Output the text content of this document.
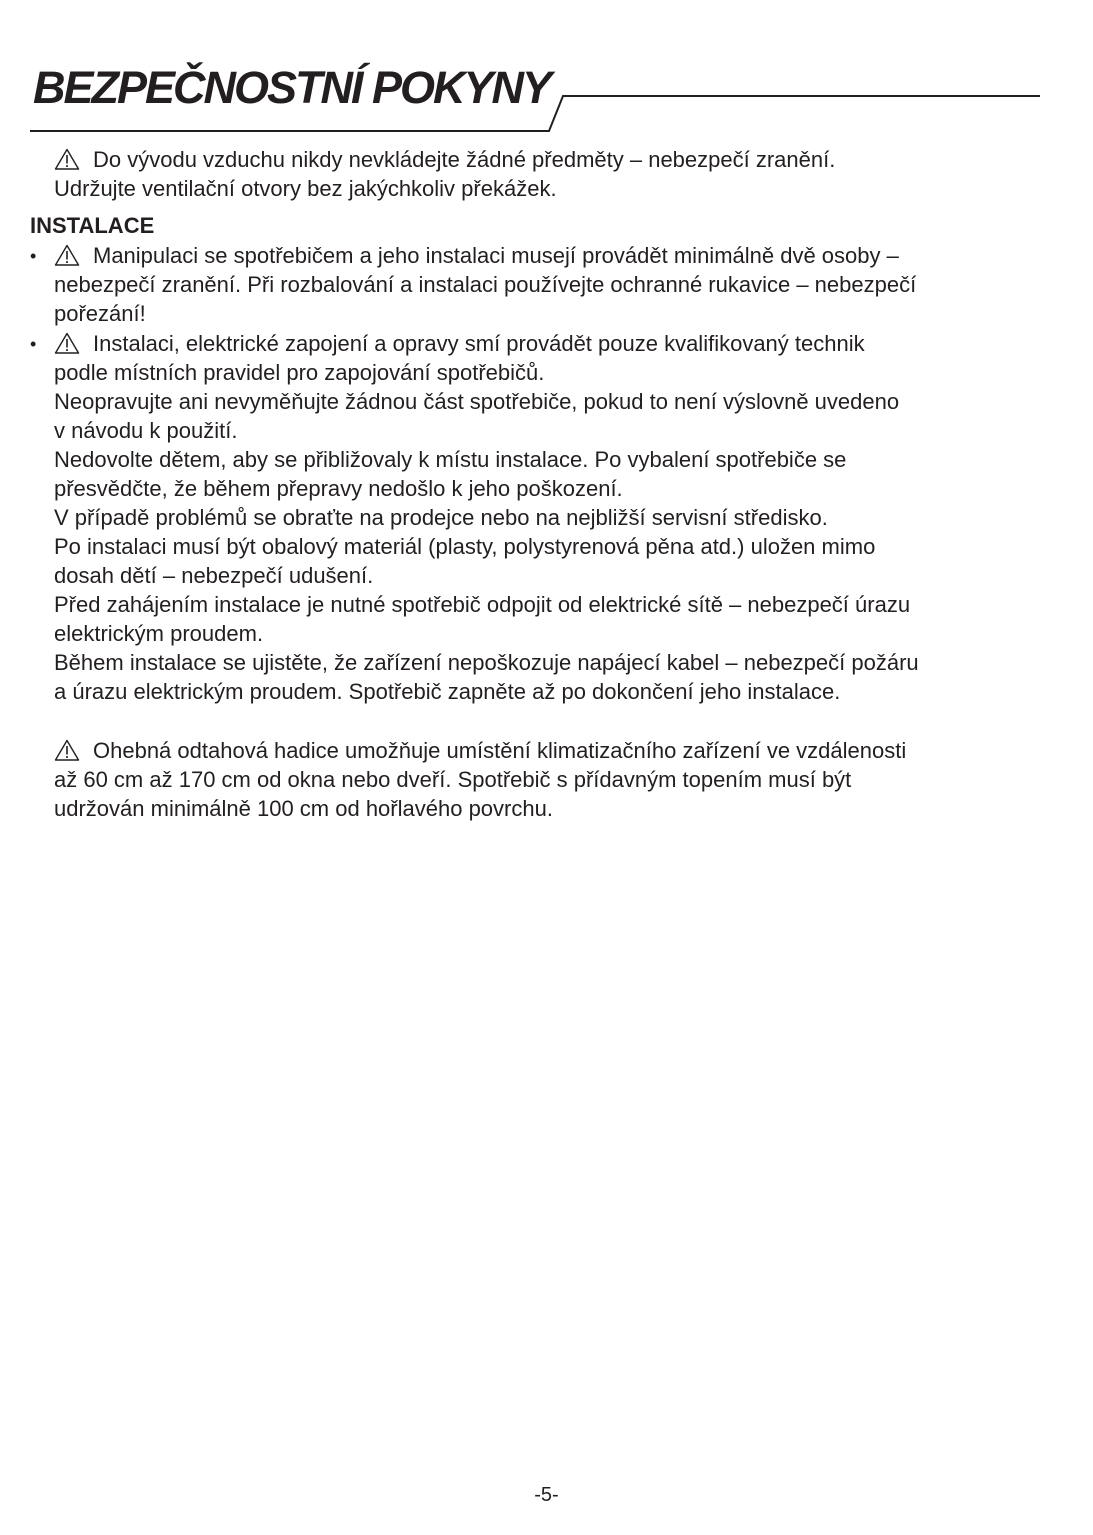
BEZPEČNOSTNÍ POKYNY
Do vývodu vzduchu nikdy nevkládejte žádné předměty – nebezpečí zranění.
Udržujte ventilační otvory bez jakýchkoliv překážek.
INSTALACE
•	Manipulaci se spotřebičem a jeho instalaci musejí provádět minimálně dvě osoby –
nebezpečí zranění. Při rozbalování a instalaci používejte ochranné rukavice – nebezpečí
pořezání!
•	Instalaci, elektrické zapojení a opravy smí provádět pouze kvalifikovaný technik
podle místních pravidel pro zapojování spotřebičů.
Neopravujte ani nevyměňujte žádnou část spotřebiče, pokud to není výslovně uvedeno
v návodu k použití.
Nedovolte dětem, aby se přibližovaly k místu instalace. Po vybalení spotřebiče se
přesvědčte, že během přepravy nedošlo k jeho poškození.
V případě problémů se obraťte na prodejce nebo na nejbližší servisní středisko.
Po instalaci musí být obalový materiál (plasty, polystyrenová pěna atd.) uložen mimo
dosah dětí – nebezpečí udušení.
Před zahájením instalace je nutné spotřebič odpojit od elektrické sítě – nebezpečí úrazu
elektrickým proudem.
Během instalace se ujistěte, že zařízení nepoškozuje napájecí kabel – nebezpečí požáru
a úrazu elektrickým proudem. Spotřebič zapněte až po dokončení jeho instalace.
Ohebná odtahová hadice umožňuje umístění klimatizačního zařízení ve vzdálenosti
až 60 cm až 170 cm od okna nebo dveří. Spotřebič s přídavným topením musí být
udržován minimálně 100 cm od hořlavého povrchu.
-5-
